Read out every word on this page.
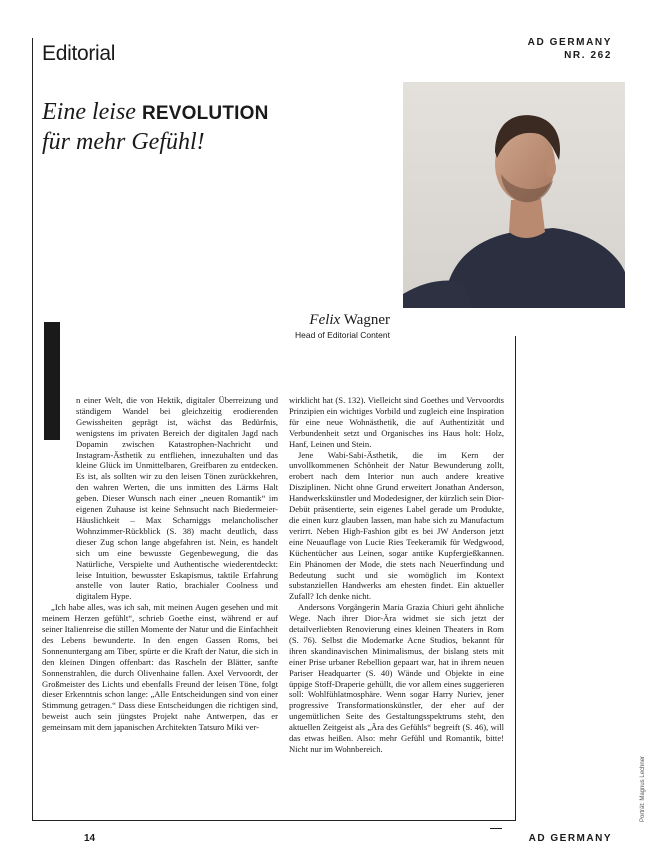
Editorial	AD GERMANY
NR. 262
Eine leise REVOLUTION
für mehr Gefühl!
Felix Wagner
Head of Editorial Content

n einer Welt, die von Hektik, digitaler Überreizung und ständigem Wandel bei gleichzeitig erodierenden Gewissheiten geprägt ist, wächst das Bedürfnis, wenigstens im privaten Bereich der digitalen Jagd nach Dopamin zwischen Katastrophen-Nachricht und Instagram-Ästhetik zu entfliehen, innezuhalten und das kleine Glück im Unmittelbaren, Greifbaren zu entdecken. Es ist, als sollten wir zu den leisen Tönen zurückkehren, den wahren Werten, die uns inmitten des Lärms Halt geben. Dieser Wunsch nach einer „neuen Romantik“ im eigenen Zuhause ist keine Sehnsucht nach Biedermeier-Häuslichkeit – Max Scharniggs melancholischer Wohnzimmer-Rückblick (S. 38) macht deutlich, dass dieser Zug schon lange abgefahren ist. Nein, es handelt sich um eine bewusste Gegenbewegung, die das Natürliche, Verspielte und Authentische wiederentdeckt: leise Intuition, bewusster Eskapismus, taktile Erfahrung anstelle von lauter Ratio, brachialer Coolness und digitalem Hype.

„Ich habe alles, was ich sah, mit meinen Augen gesehen und mit meinem Herzen gefühlt“, schrieb Goethe einst, während er auf seiner Italienreise die stillen Momente der Natur und die Einfachheit des Lebens bewunderte. In den engen Gassen Roms, bei Sonnenuntergang am Tiber, spürte er die Kraft der Natur, die sich in den kleinen Dingen offenbart: das Rascheln der Blätter, sanfte Sonnenstrahlen, die durch Olivenhaine fallen. Axel Vervoordt, der Großmeister des Lichts und ebenfalls Freund der leisen Töne, folgt dieser Erkenntnis schon lange: „Alle Entscheidungen sind von einer Stimmung getragen.“ Dass diese Entscheidungen die richtigen sind, beweist auch sein jüngstes Projekt nahe Antwerpen, das er gemeinsam mit dem japanischen Architekten Tatsuro Miki ver-

wirklicht hat (S. 132). Vielleicht sind Goethes und Vervoordts Prinzipien ein wichtiges Vorbild und zugleich eine Inspiration für eine neue Wohnästhetik, die auf Authentizität und Verbundenheit setzt und Organisches ins Haus holt: Holz, Hanf, Leinen und Stein.

Jene Wabi-Sabi-Ästhetik, die im Kern der unvollkommenen Schönheit der Natur Bewunderung zollt, erobert nach dem Interior nun auch andere kreative Disziplinen. Nicht ohne Grund erweitert Jonathan Anderson, Handwerkskünstler und Modedesigner, der kürzlich sein Dior-Debüt präsentierte, sein eigenes Label gerade um Produkte, die einen kurz glauben lassen, man habe sich zu Manufactum verirrt. Neben High-Fashion gibt es bei JW Anderson jetzt eine Neuauflage von Lucie Ries Teekeramik für Wedgwood, Küchentücher aus Leinen, sogar antike Kupfergießkannen. Ein Phänomen der Mode, die stets nach Neuerfindung und Bedeutung sucht und sie womöglich im Kontext substanziellen Handwerks am ehesten findet. Ein aktueller Zufall? Ich denke nicht.

Andersons Vorgängerin Maria Grazia Chiuri geht ähnliche Wege. Nach ihrer Dior-Ära widmet sie sich jetzt der detailverliebten Renovierung eines kleinen Theaters in Rom (S. 76). Selbst die Modemarke Acne Studios, bekannt für ihren skandinavischen Minimalismus, der bislang stets mit einer Prise urbaner Rebellion gepaart war, hat in ihrem neuen Pariser Headquarter (S. 40) Wände und Objekte in eine üppige Stoff-Draperie gehüllt, die vor allem eines suggerieren soll: Wohlfühlatmosphäre. Wenn sogar Harry Nuriev, jener progressive Transformationskünstler, der eher auf der ungemütlichen Seite des Gestaltungsspektrums steht, den aktuellen Zeitgeist als „Ära des Gefühls“ begreift (S. 46), will das etwas heißen. Also: mehr Gefühl und Romantik, bitte! Nicht nur im Wohnbereich.

14	AD GERMANY
Porträt: Magnus Lechner
